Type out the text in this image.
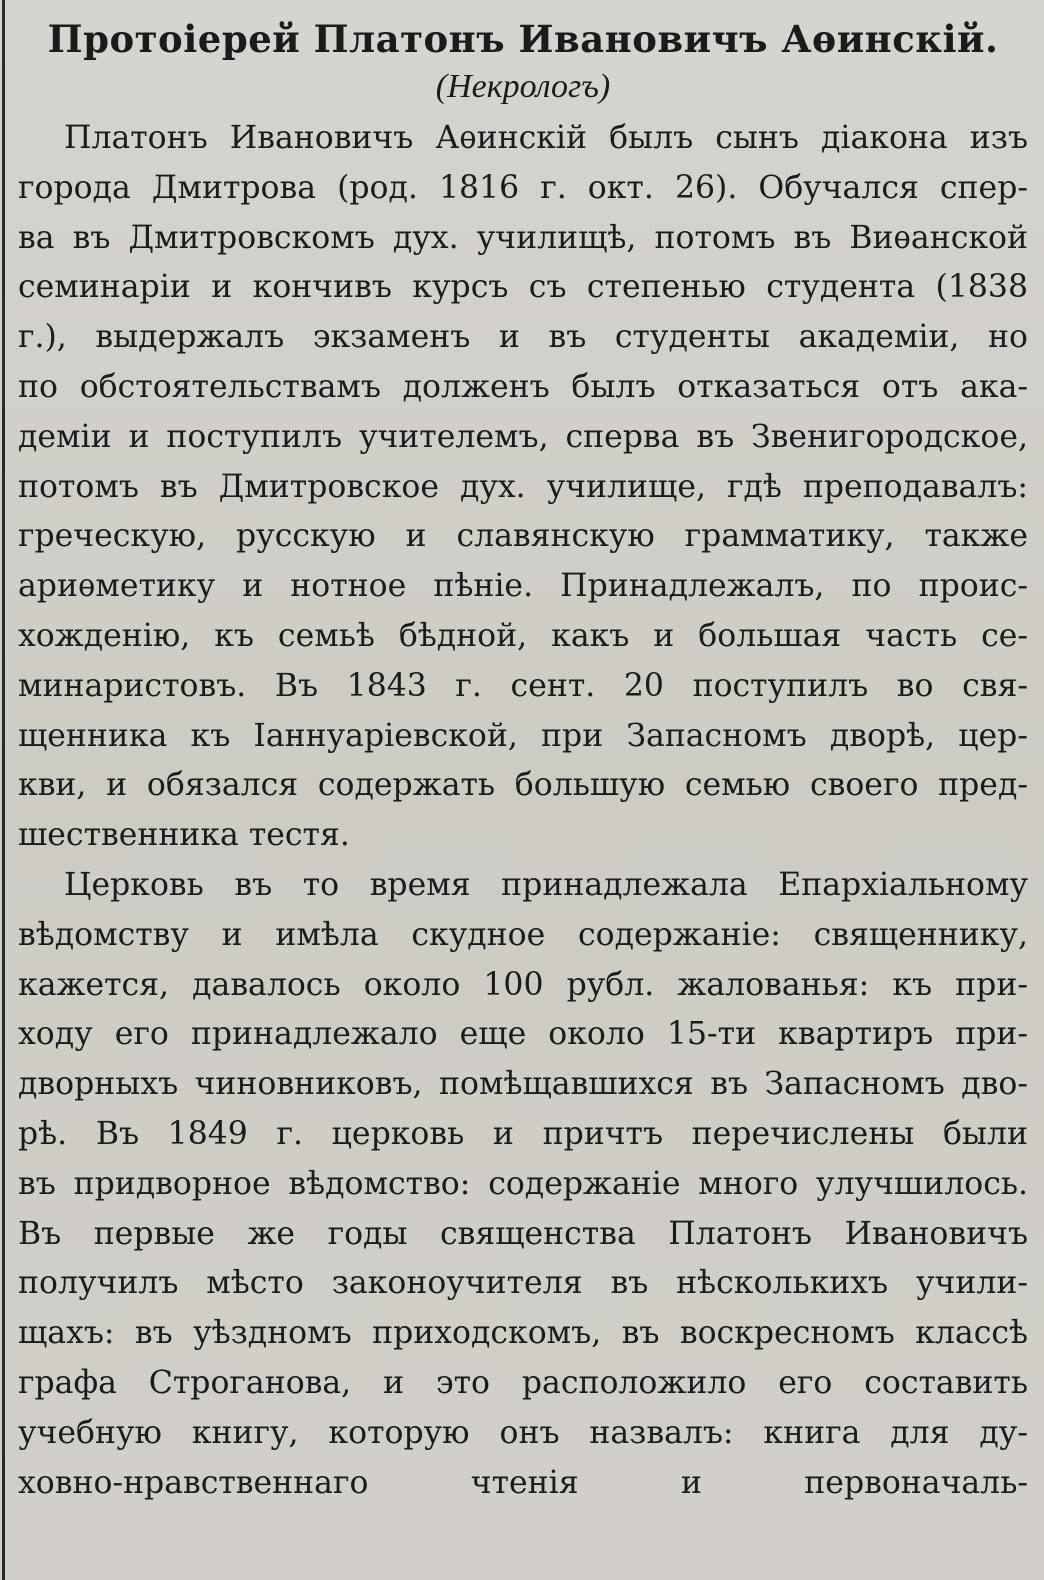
Протоіерей Платонъ Ивановичъ Аѳинскій.
(Некрологъ)
Платонъ Ивановичъ Аѳинскій былъ сынъ діакона изъ
города Дмитрова (род. 1816 г. окт. 26). Обучался спер-
ва въ Дмитровскомъ дух. училищѣ, потомъ въ Виѳанской
семинаріи и кончивъ курсъ съ степенью студента (1838
г.), выдержалъ экзаменъ и въ студенты академіи, но
по обстоятельствамъ долженъ былъ отказаться отъ ака-
деміи и поступилъ учителемъ, сперва въ Звенигородское,
потомъ въ Дмитровское дух. училище, гдѣ преподавалъ:
греческую, русскую и славянскую грамматику, также
ариѳметику и нотное пѣніе. Принадлежалъ, по проис-
хожденію, къ семьѣ бѣдной, какъ и большая часть се-
минаристовъ. Въ 1843 г. сент. 20 поступилъ во свя-
щенника къ Іаннуаріевской, при Запасномъ дворѣ, цер-
кви, и обязался содержать большую семью своего пред-
шественника тестя.
Церковь въ то время принадлежала Епархіальному
вѣдомству и имѣла скудное содержаніе: священнику,
кажется, давалось около 100 рубл. жалованья: къ при-
ходу его принадлежало еще около 15-ти квартиръ при-
дворныхъ чиновниковъ, помѣщавшихся въ Запасномъ дво-
рѣ. Въ 1849 г. церковь и причтъ перечислены были
въ придворное вѣдомство: содержаніе много улучшилось.
Въ первые же годы священства Платонъ Ивановичъ
получилъ мѣсто законоучителя въ нѣсколькихъ учили-
щахъ: въ уѣздномъ приходскомъ, въ воскресномъ классѣ
графа Строганова, и это расположило его составить
учебную книгу, которую онъ назвалъ: книга для ду-
ховно-нравственнаго чтенія и первоначаль-
